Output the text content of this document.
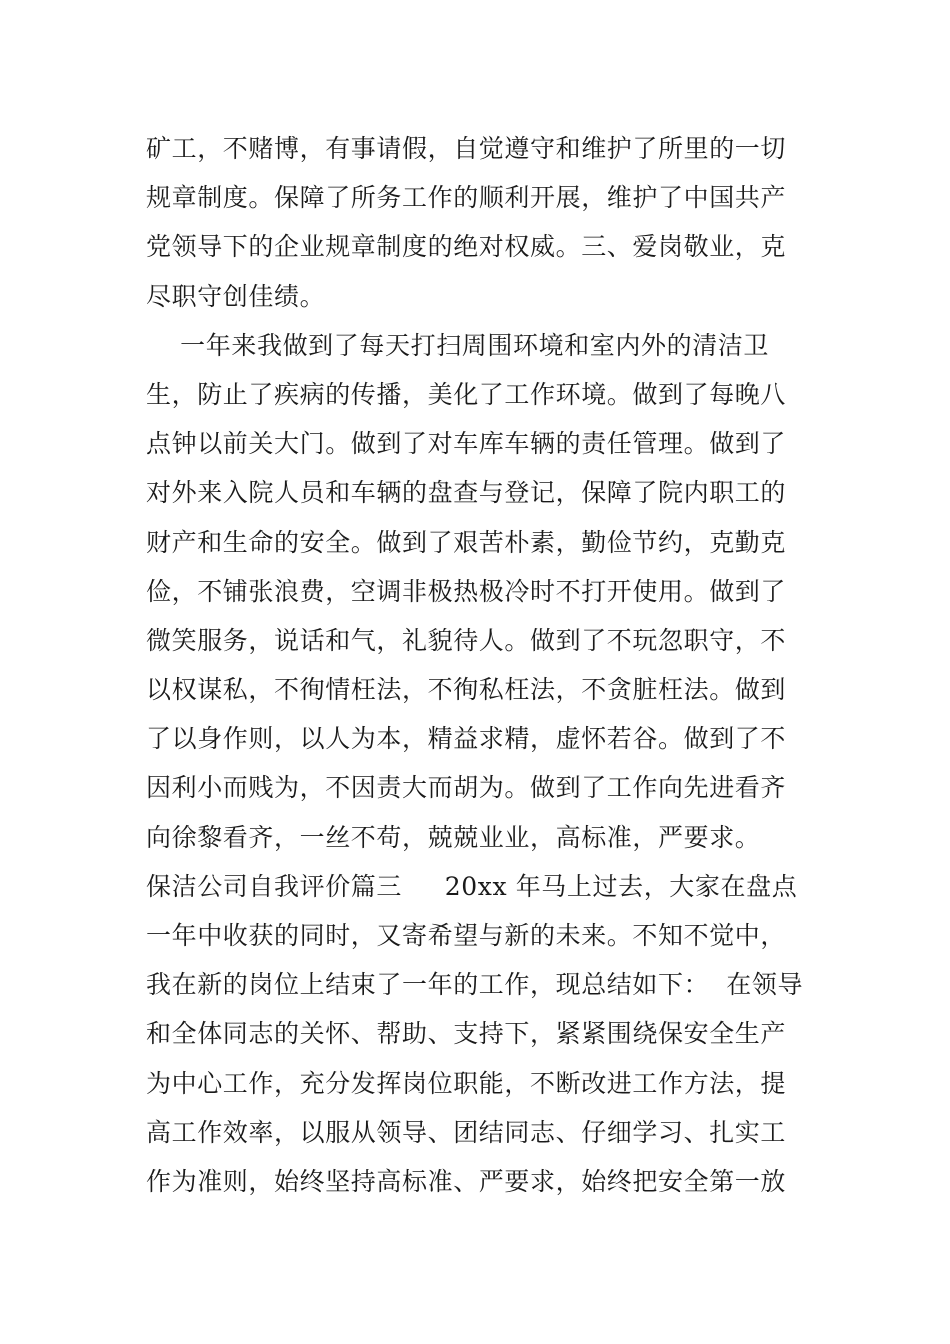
矿工，不赌博，有事请假，自觉遵守和维护了所里的一切
规章制度。保障了所务工作的顺利开展，维护了中国共产
党领导下的企业规章制度的绝对权威。三、爱岗敬业，克
尽职守创佳绩。
一年来我做到了每天打扫周围环境和室内外的清洁卫
生，防止了疾病的传播，美化了工作环境。做到了每晚八
点钟以前关大门。做到了对车库车辆的责任管理。做到了
对外来入院人员和车辆的盘查与登记，保障了院内职工的
财产和生命的安全。做到了艰苦朴素，勤俭节约，克勤克
俭，不铺张浪费，空调非极热极冷时不打开使用。做到了
微笑服务，说话和气，礼貌待人。做到了不玩忽职守，不
以权谋私，不徇情枉法，不徇私枉法，不贪脏枉法。做到
了以身作则，以人为本，精益求精，虚怀若谷。做到了不
因利小而贱为，不因责大而胡为。做到了工作向先进看齐
向徐黎看齐，一丝不苟，兢兢业业，高标准，严要求。
保洁公司自我评价篇三     20xx 年马上过去，大家在盘点
一年中收获的同时，又寄希望与新的未来。不知不觉中，
我在新的岗位上结束了一年的工作，现总结如下：  在领导
和全体同志的关怀、帮助、支持下，紧紧围绕保安全生产
为中心工作，充分发挥岗位职能，不断改进工作方法，提
高工作效率，以服从领导、团结同志、仔细学习、扎实工
作为准则，始终坚持高标准、严要求，始终把安全第一放
